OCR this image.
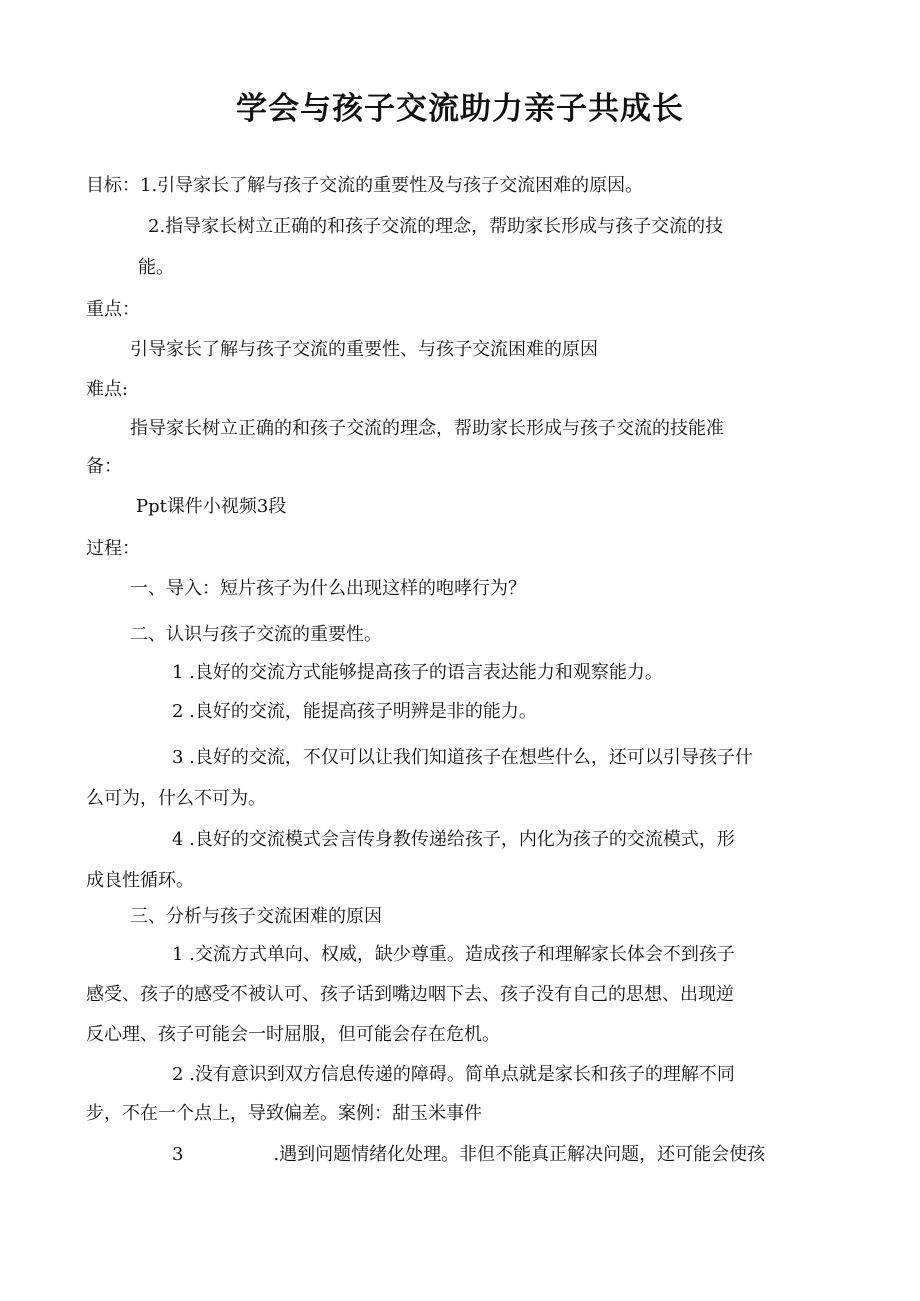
学会与孩子交流助力亲子共成长
目标：1.引导家长了解与孩子交流的重要性及与孩子交流困难的原因。
2.指导家长树立正确的和孩子交流的理念，帮助家长形成与孩子交流的技
能。
重点：
引导家长了解与孩子交流的重要性、与孩子交流困难的原因
难点:
指导家长树立正确的和孩子交流的理念，帮助家长形成与孩子交流的技能准
备：
Ppt课件小视频3段
过程：
一、导入：短片孩子为什么出现这样的咆哮行为？
二、认识与孩子交流的重要性。
1 .良好的交流方式能够提高孩子的语言表达能力和观察能力。
2 .良好的交流，能提高孩子明辨是非的能力。
3 .良好的交流，不仅可以让我们知道孩子在想些什么，还可以引导孩子什
么可为，什么不可为。
4 .良好的交流模式会言传身教传递给孩子，内化为孩子的交流模式，形
成良性循环。
三、分析与孩子交流困难的原因
1 .交流方式单向、权威，缺少尊重。造成孩子和理解家长体会不到孩子
感受、孩子的感受不被认可、孩子话到嘴边咽下去、孩子没有自己的思想、出现逆
反心理、孩子可能会一时屈服，但可能会存在危机。
2 .没有意识到双方信息传递的障碍。简单点就是家长和孩子的理解不同
步，不在一个点上，导致偏差。案例：甜玉米事件
3	.遇到问题情绪化处理。非但不能真正解决问题，还可能会使孩
